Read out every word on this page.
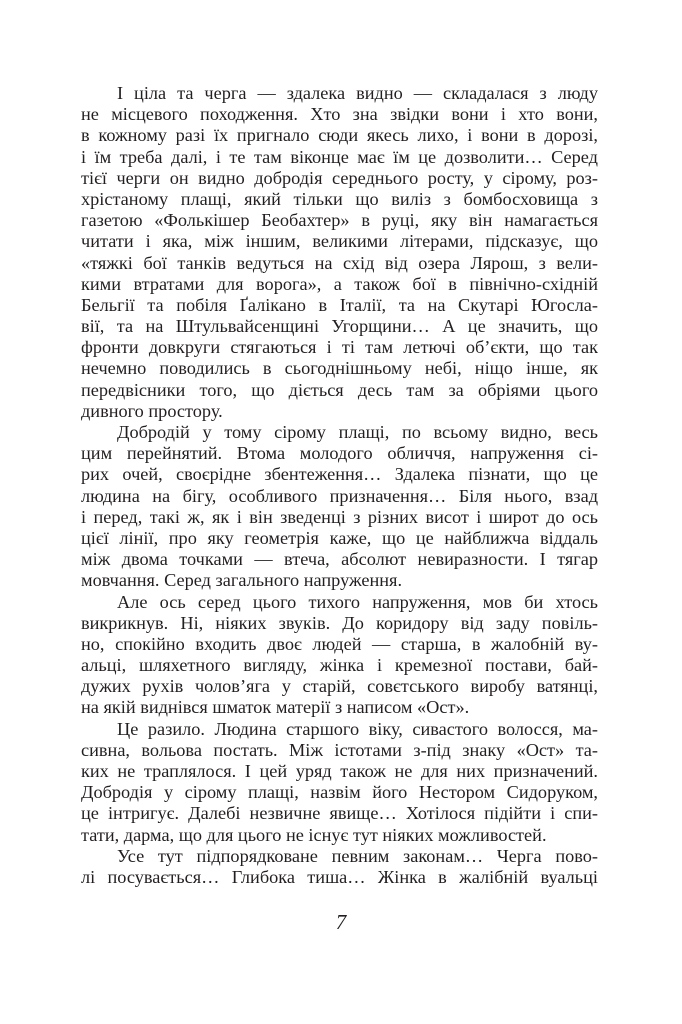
І ціла та черга — здалека видно — складалася з люду
не місцевого походження. Хто зна звідки вони і хто вони,
в кожному разі їх пригнало сюди якесь лихо, і вони в дорозі,
і їм треба далі, і те там віконце має їм це дозволити… Серед
тієї черги он видно добродія середнього росту, у сірому, роз-
хрістаному плащі, який тільки що виліз з бомбосховища з
газетою «Фолькішер Беобахтер» в руці, яку він намагається
читати і яка, між іншим, великими літерами, підсказує, що
«тяжкі бої танків ведуться на схід від озера Лярош, з вели-
кими втратами для ворога», а також бої в північно-східній
Бельгії та побіля Ґалікано в Італії, та на Скутарі Югосла-
вії, та на Штульвайсенщині Угорщини… А це значить, що
фронти довкруги стягаються і ті там летючі об’єкти, що так
нечемно поводились в сьогоднішньому небі, ніщо інше, як
передвісники того, що діється десь там за обріями цього
дивного простору.
Добродій у тому сірому плащі, по всьому видно, весь
цим перейнятий. Втома молодого обличчя, напруження сі-
рих очей, своєрідне збентеження… Здалека пізнати, що це
людина на бігу, особливого призначення… Біля нього, взад
і перед, такі ж, як і він зведенці з різних висот і широт до ось
цієї лінії, про яку геометрія каже, що це найближча віддаль
між двома точками — втеча, абсолют невиразности. І тягар
мовчання. Серед загального напруження.
Але ось серед цього тихого напруження, мов би хтось
викрикнув. Ні, ніяких звуків. До коридору від заду повіль-
но, спокійно входить двоє людей — старша, в жалобній ву-
альці, шляхетного вигляду, жінка і кремезної постави, бай-
дужих рухів чолов’яга у старій, совєтського виробу ватянці,
на якій виднівся шматок матерії з написом «Ост».
Це разило. Людина старшого віку, сивастого волосся, ма-
сивна, вольова постать. Між істотами з-під знаку «Ост» та-
ких не траплялося. І цей уряд також не для них призначений.
Добродія у сірому плащі, назвім його Нестором Сидоруком,
це інтригує. Далебі незвичне явище… Хотілося підійти і спи-
тати, дарма, що для цього не існує тут ніяких можливостей.
Усе тут підпорядковане певним законам… Черга пово-
лі посувається… Глибока тиша… Жінка в жалібній вуальці
7
